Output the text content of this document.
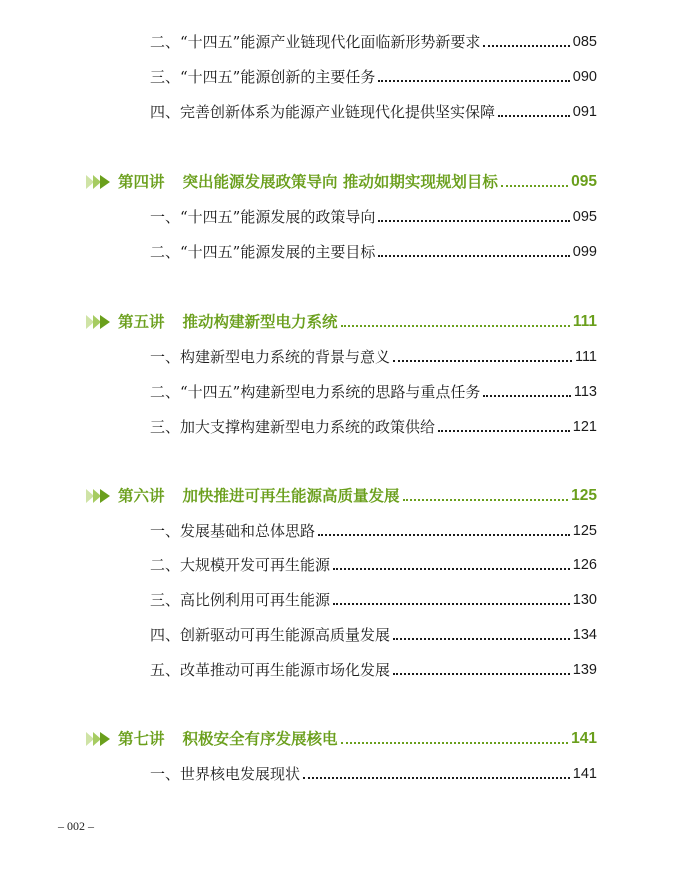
二、“十四五”能源产业链现代化面临新形势新要求	085
三、“十四五”能源创新的主要任务	090
四、完善创新体系为能源产业链现代化提供坚实保障	091
第四讲 突出能源发展政策导向 推动如期实现规划目标	095
一、“十四五”能源发展的政策导向	095
二、“十四五”能源发展的主要目标	099
第五讲 推动构建新型电力系统	111
一、构建新型电力系统的背景与意义	111
二、“十四五”构建新型电力系统的思路与重点任务	113
三、加大支撑构建新型电力系统的政策供给	121
第六讲 加快推进可再生能源高质量发展	125
一、发展基础和总体思路	125
二、大规模开发可再生能源	126
三、高比例利用可再生能源	130
四、创新驱动可再生能源高质量发展	134
五、改革推动可再生能源市场化发展	139
第七讲 积极安全有序发展核电	141
一、世界核电发展现状	141
– 002 –
